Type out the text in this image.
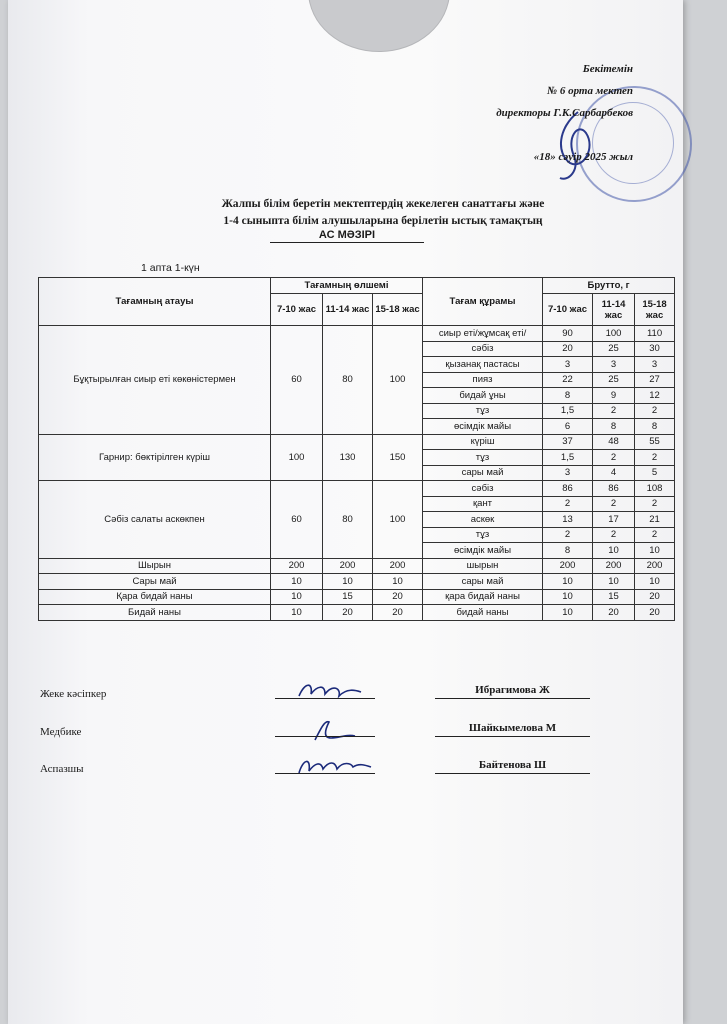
Бекітемін
№ 6 орта мектеп
директоры Г.К.Сарбарбеков
«18» сәуір 2025 жыл
Жалпы білім беретін мектептердің жекелеген санаттағы және
1-4 сыныпта білім алушыларына берілетін ыстық тамақтың
АС МӘЗІРІ
1 апта 1-күн
Тағамның атауы	Тағамның өлшемі			Тағам құрамы	Брутто, г		
	7-10 жас	11-14 жас	15-18 жас		7-10 жас	11-14 жас	15-18 жас
Бұқтырылған сиыр еті көкөністермен	60	80	100	сиыр еті/жұмсақ еті/	90	100	110
				сәбіз	20	25	30
				қызанақ пастасы	3	3	3
				пияз	22	25	27
				бидай ұны	8	9	12
				тұз	1,5	2	2
				өсімдік майы	6	8	8
Гарнир: бөктірілген күріш	100	130	150	күріш	37	48	55
				тұз	1,5	2	2
				сары май	3	4	5
Сәбіз салаты аскөкпен	60	80	100	сәбіз	86	86	108
				қант	2	2	2
				аскөк	13	17	21
				тұз	2	2	2
				өсімдік майы	8	10	10
Шырын	200	200	200	шырын	200	200	200
Сары май	10	10	10	сары май	10	10	10
Қара бидай наны	10	15	20	қара бидай наны	10	15	20
Бидай наны	10	20	20	бидай наны	10	20	20
Жеке кәсіпкер	Ибрагимова Ж
Медбике	Шайкымелова М
Аспазшы	Байтенова Ш
